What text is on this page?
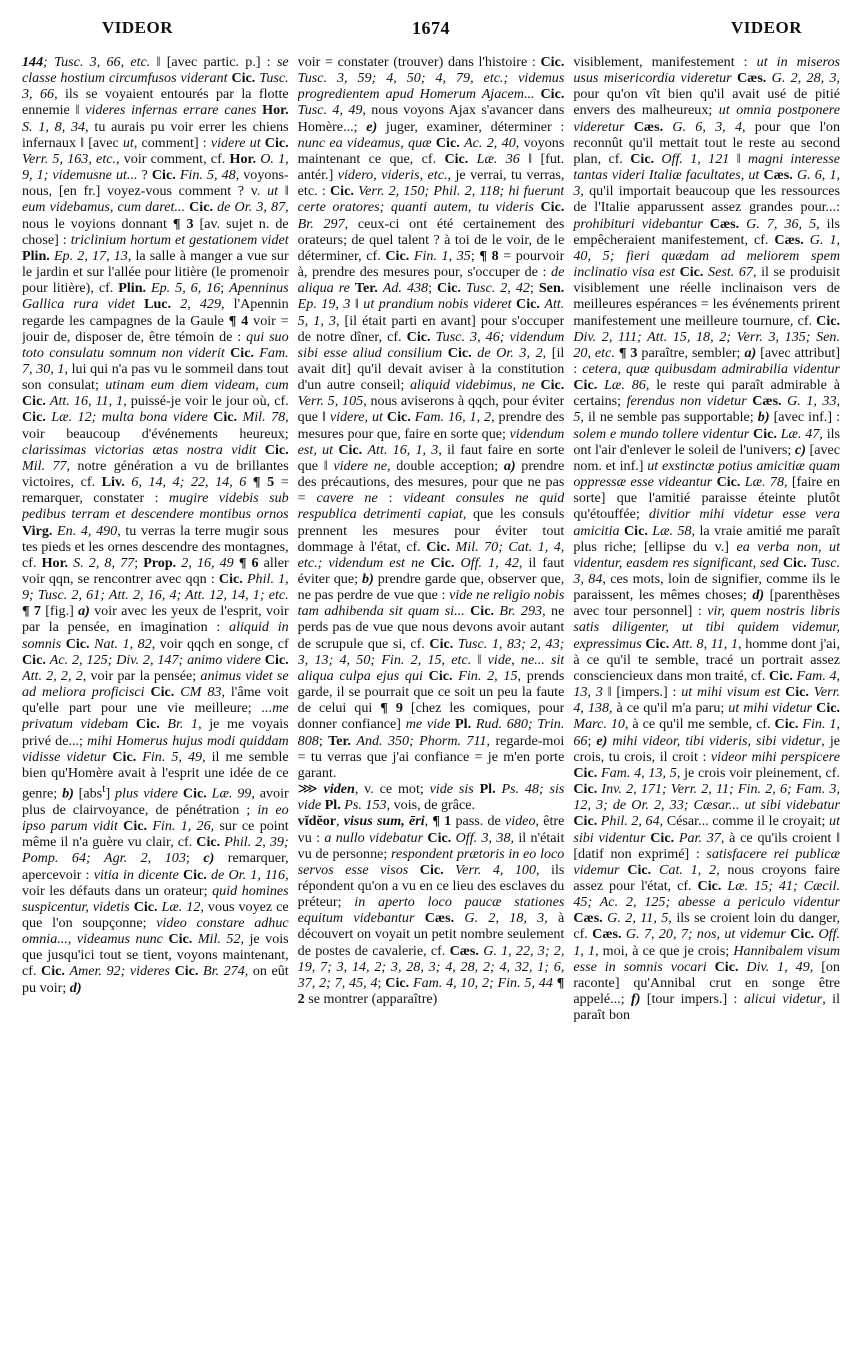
VIDEOR	1674	VIDEOR
144; Tusc. 3, 66, etc. ‖ [avec partic. p.] : se classe hostium circumfusos viderant Cic. Tusc. 3, 66, ils se voyaient entourés par la flotte ennemie ‖ videres infernas errare canes Hor. S. 1, 8, 34, tu aurais pu voir errer les chiens infernaux ‖ [avec ut, comment] : videre ut Cic. Verr. 5, 163, etc., voir comment, cf. Hor. O. 1, 9, 1; videmusne ut... ? Cic. Fin. 5, 48, voyons-nous, [en fr.] voyez-vous comment ? v. ut ‖ eum videbamus, cum daret... Cic. de Or. 3, 87, nous le voyions donnant ¶ 3 [av. sujet n. de chose] : triclinium hortum et gestationem videt Plin. Ep. 2, 17, 13, la salle à manger a vue sur le jardin et sur l'allée pour litière (le promenoir pour litière), cf. Plin. Ep. 5, 6, 16; Apenninus Gallica rura videt Luc. 2, 429, l'Apennin regarde les campagnes de la Gaule ¶ 4 voir = jouir de, disposer de, être témoin de : qui suo toto consulatu somnum non viderit Cic. Fam. 7, 30, 1, lui qui n'a pas vu le sommeil dans tout son consulat; utinam eum diem videam, cum Cic. Att. 16, 11, 1, puissé-je voir le jour où, cf. Cic. Læ. 12; multa bona videre Cic. Mil. 78, voir beaucoup d'événements heureux; clarissimas victorias ætas nostra vidit Cic. Mil. 77, notre génération a vu de brillantes victoires, cf. Liv. 6, 14, 4; 22, 14, 6 ¶ 5 = remarquer, constater : mugire videbis sub pedibus terram et descendere montibus ornos Virg. En. 4, 490, tu verras la terre mugir sous tes pieds et les ornes descendre des montagnes, cf. Hor. S. 2, 8, 77; Prop. 2, 16, 49 ¶ 6 aller voir qqn, se rencontrer avec qqn : Cic. Phil. 1, 9; Tusc. 2, 61; Att. 2, 16, 4; Att. 12, 14, 1; etc. ¶ 7 [fig.] a) voir avec les yeux de l'esprit, voir par la pensée, en imagination : aliquid in somnis Cic. Nat. 1, 82, voir qqch en songe, cf Cic. Ac. 2, 125; Div. 2, 147; animo videre Cic. Att. 2, 2, 2, voir par la pensée; animus videt se ad meliora proficisci Cic. CM 83, l'âme voit qu'elle part pour une vie meilleure; ...me privatum videbam Cic. Br. 1, je me voyais privé de...; mihi Homerus hujus modi quiddam vidisse videtur Cic. Fin. 5, 49, il me semble bien qu'Homère avait à l'esprit une idée de ce genre; b) [abs$^t$] plus videre Cic. Læ. 99, avoir plus de clairvoyance, de pénétration ; in eo ipso parum vidit Cic. Fin. 1, 26, sur ce point même il n'a guère vu clair, cf. Cic. Phil. 2, 39; Pomp. 64; Agr. 2, 103; c) remarquer, apercevoir : vitia in dicente Cic. de Or. 1, 116, voir les défauts dans un orateur; quid homines suspicentur, videtis Cic. Læ. 12, vous voyez ce que l'on soupçonne; video constare adhuc omnia..., videamus nunc Cic. Mil. 52, je vois que jusqu'ici tout se tient, voyons maintenant, cf. Cic. Amer. 92; videres Cic. Br. 274, on eût pu voir; d)
voir = constater (trouver) dans l'histoire : Cic. Tusc. 3, 59; 4, 50; 4, 79, etc.; videmus progredientem apud Homerum Ajacem... Cic. Tusc. 4, 49, nous voyons Ajax s'avancer dans Homère...; e) juger, examiner, déterminer : nunc ea videamus, quæ Cic. Ac. 2, 40, voyons maintenant ce que, cf. Cic. Læ. 36 ‖ [fut. antér.] videro, videris, etc., je verrai, tu verras, etc. : Cic. Verr. 2, 150; Phil. 2, 118; hi fuerunt certe oratores; quanti autem, tu videris Cic. Br. 297, ceux-ci ont été certainement des orateurs; de quel talent ? à toi de le voir, de le déterminer, cf. Cic. Fin. 1, 35; ¶ 8 = pourvoir à, prendre des mesures pour, s'occuper de : de aliqua re Ter. Ad. 438; Cic. Tusc. 2, 42; Sen. Ep. 19, 3 ‖ ut prandium nobis videret Cic. Att. 5, 1, 3, [il était parti en avant] pour s'occuper de notre dîner, cf. Cic. Tusc. 3, 46; videndum sibi esse aliud consilium Cic. de Or. 3, 2, [il avait dit] qu'il devait aviser à la constitution d'un autre conseil; aliquid videbimus, ne Cic. Verr. 5, 105, nous aviserons à qqch, pour éviter que ‖ videre, ut Cic. Fam. 16, 1, 2, prendre des mesures pour que, faire en sorte que; videndum est, ut Cic. Att. 16, 1, 3, il faut faire en sorte que ‖ videre ne, double acception; a) prendre des précautions, des mesures, pour que ne pas = cavere ne : videant consules ne quid respublica detrimenti capiat, que les consuls prennent les mesures pour éviter tout dommage à l'état, cf. Cic. Mil. 70; Cat. 1, 4, etc.; videndum est ne Cic. Off. 1, 42, il faut éviter que; b) prendre garde que, observer que, ne pas perdre de vue que : vide ne religio nobis tam adhibenda sit quam si... Cic. Br. 293, ne perds pas de vue que nous devons avoir autant de scrupule que si, cf. Cic. Tusc. 1, 83; 2, 43; 3, 13; 4, 50; Fin. 2, 15, etc. ‖ vide, ne... sit aliqua culpa ejus qui Cic. Fin. 2, 15, prends garde, il se pourrait que ce soit un peu la faute de celui qui ¶ 9 [chez les comiques, pour donner confiance] me vide Pl. Rud. 680; Trin. 808; Ter. And. 350; Phorm. 711, regarde-moi = tu verras que j'ai confiance = je m'en porte garant.
⋙ viden, v. ce mot; vide sis Pl. Ps. 48; sis vide Pl. Ps. 153, vois, de grâce.
vĭdĕor, visus sum, ēri, ¶ 1 pass. de video, être vu : a nullo videbatur Cic. Off. 3, 38, il n'était vu de personne; respondent prætoris in eo loco servos esse visos Cic. Verr. 4, 100, ils répondent qu'on a vu en ce lieu des esclaves du préteur; in aperto loco paucæ stationes equitum videbantur Cæs. G. 2, 18, 3, à découvert on voyait un petit nombre seulement de postes de cavalerie, cf. Cæs. G. 1, 22, 3; 2, 19, 7; 3, 14, 2; 3, 28, 3; 4, 28, 2; 4, 32, 1; 6, 37, 2; 7, 45, 4; Cic. Fam. 4, 10, 2; Fin. 5, 44 ¶ 2 se montrer (apparaître)
visiblement, manifestement : ut in miseros usus misericordia videretur Cæs. G. 2, 28, 3, pour qu'on vît bien qu'il avait usé de pitié envers des malheureux; ut omnia postponere videretur Cæs. G. 6, 3, 4, pour que l'on reconnût qu'il mettait tout le reste au second plan, cf. Cic. Off. 1, 121 ‖ magni interesse tantas videri Italiæ facultates, ut Cæs. G. 6, 1, 3, qu'il importait beaucoup que les ressources de l'Italie apparussent assez grandes pour...: prohibituri videbantur Cæs. G. 7, 36, 5, ils empêcheraient manifestement, cf. Cæs. G. 1, 40, 5; fieri quædam ad meliorem spem inclinatio visa est Cic. Sest. 67, il se produisit visiblement une réelle inclinaison vers de meilleures espérances = les événements prirent manifestement une meilleure tournure, cf. Cic. Div. 2, 111; Att. 15, 18, 2; Verr. 3, 135; Sen. 20, etc. ¶ 3 paraître, sembler; a) [avec attribut] : cetera, quæ quibusdam admirabilia videntur Cic. Læ. 86, le reste qui paraît admirable à certains; ferendus non videtur Cæs. G. 1, 33, 5, il ne semble pas supportable; b) [avec inf.] : solem e mundo tollere videntur Cic. Læ. 47, ils ont l'air d'enlever le soleil de l'univers; c) [avec nom. et inf.] ut exstinctæ potius amicitiæ quam oppressæ esse videantur Cic. Læ. 78, [faire en sorte] que l'amitié paraisse éteinte plutôt qu'étouffée; divitior mihi videtur esse vera amicitia Cic. Læ. 58, la vraie amitié me paraît plus riche; [ellipse du v.] ea verba non, ut videntur, easdem res significant, sed Cic. Tusc. 3, 84, ces mots, loin de signifier, comme ils le paraissent, les mêmes choses; d) [parenthèses avec tour personnel] : vir, quem nostris libris satis diligenter, ut tibi quidem videmur, expressimus Cic. Att. 8, 11, 1, homme dont j'ai, à ce qu'il te semble, tracé un portrait assez consciencieux dans mon traité, cf. Cic. Fam. 4, 13, 3 ‖ [impers.] : ut mihi visum est Cic. Verr. 4, 138, à ce qu'il m'a paru; ut mihi videtur Cic. Marc. 10, à ce qu'il me semble, cf. Cic. Fin. 1, 66; e) mihi videor, tibi videris, sibi videtur, je crois, tu crois, il croit : videor mihi perspicere Cic. Fam. 4, 13, 5, je crois voir pleinement, cf. Cic. Inv. 2, 171; Verr. 2, 11; Fin. 2, 6; Fam. 3, 12, 3; de Or. 2, 33; Cæsar... ut sibi videbatur Cic. Phil. 2, 64, César... comme il le croyait; ut sibi videntur Cic. Par. 37, à ce qu'ils croient ‖ [datif non exprimé] : satisfacere rei publicæ videmur Cic. Cat. 1, 2, nous croyons faire assez pour l'état, cf. Cic. Læ. 15; 41; Cæcil. 45; Ac. 2, 125; abesse a periculo videntur Cæs. G. 2, 11, 5, ils se croient loin du danger, cf. Cæs. G. 7, 20, 7; nos, ut videmur Cic. Off. 1, 1, moi, à ce que je crois; Hannibalem visum esse in somnis vocari Cic. Div. 1, 49, [on raconte] qu'Annibal crut en songe être appelé...; f) [tour impers.] : alicui videtur, il paraît bon
